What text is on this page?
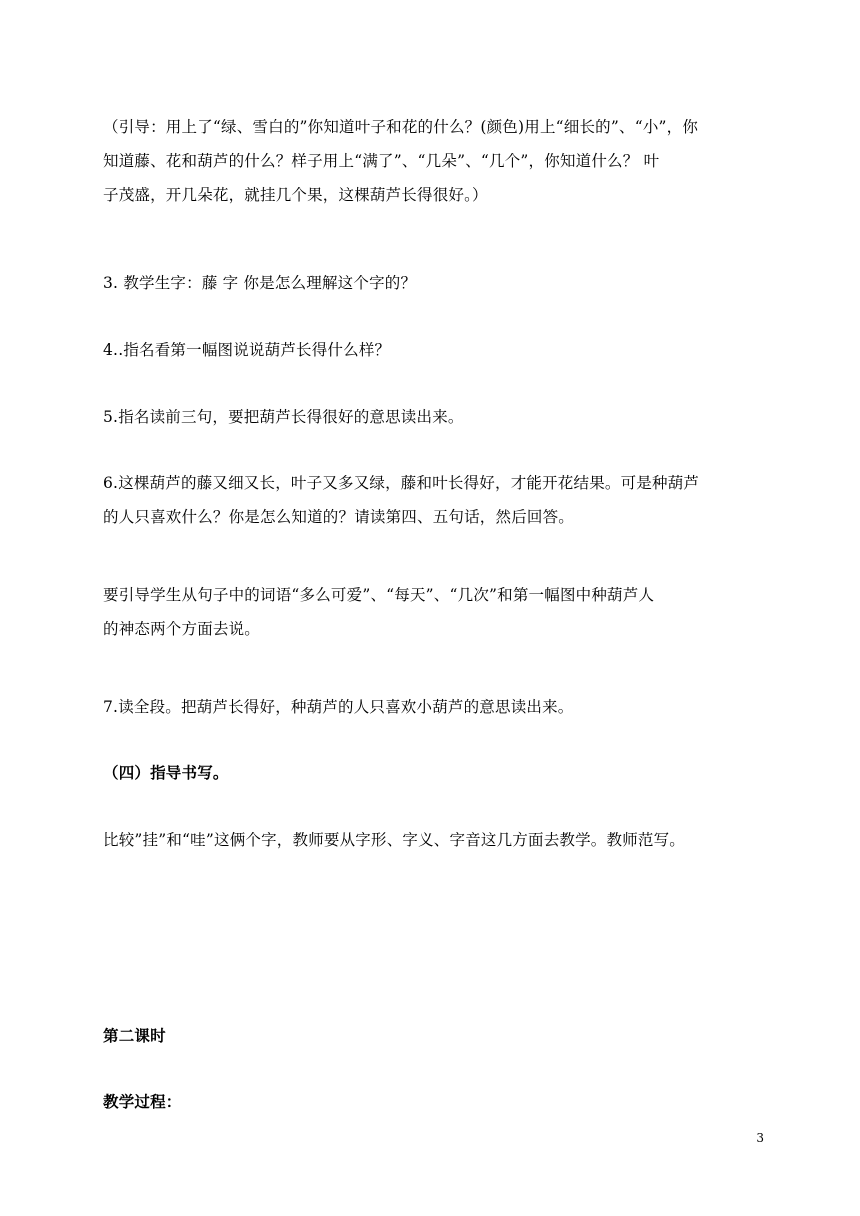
（引导：用上了“绿、雪白的”你知道叶子和花的什么？(颜色)用上“细长的”、“小”，你
知道藤、花和葫芦的什么？样子用上“满了”、“几朵”、“几个”，你知道什么？ 叶
子茂盛，开几朵花，就挂几个果，这棵葫芦长得很好。）

3. 教学生字：藤 字 你是怎么理解这个字的？

4..指名看第一幅图说说葫芦长得什么样？

5.指名读前三句，要把葫芦长得很好的意思读出来。

6.这棵葫芦的藤又细又长，叶子又多又绿，藤和叶长得好，才能开花结果。可是种葫芦
的人只喜欢什么？你是怎么知道的？请读第四、五句话，然后回答。

要引导学生从句子中的词语“多么可爱”、“每天”、“几次”和第一幅图中种葫芦人
的神态两个方面去说。

7.读全段。把葫芦长得好，种葫芦的人只喜欢小葫芦的意思读出来。

（四）指导书写。

比较”挂”和“哇”这俩个字，教师要从字形、字义、字音这几方面去教学。教师范写。

第二课时

教学过程：

3
